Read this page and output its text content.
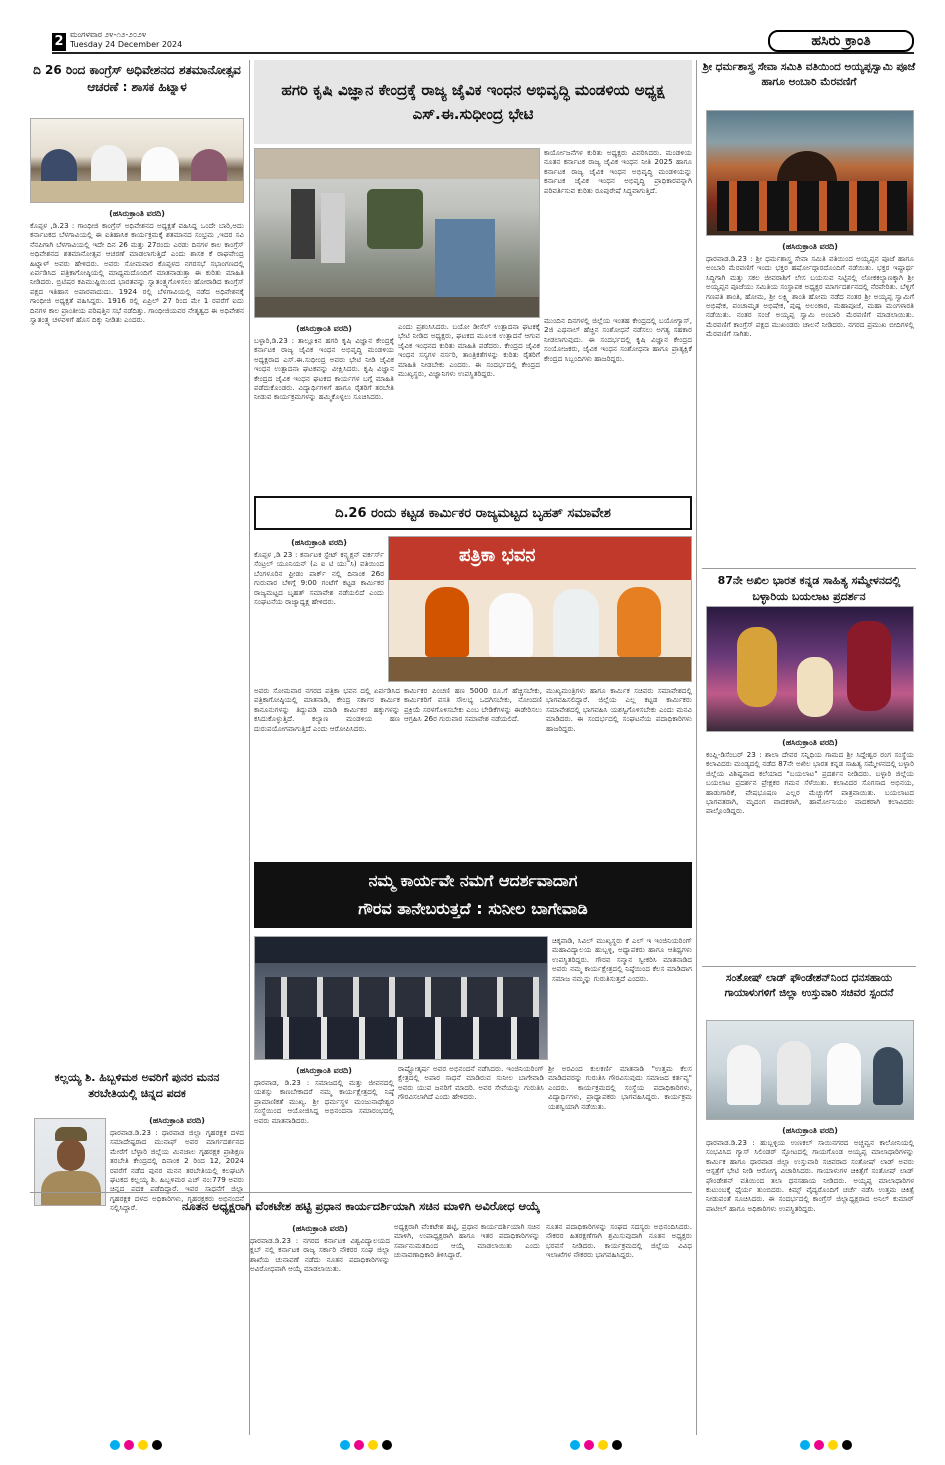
2 ಮಂಗಳವಾರ ೨೪-೧೨-೨೦೨೪
Tuesday 24 December 2024	ಹಸಿರು ಕ್ರಾಂತಿ
ದಿ 26 ರಿಂದ ಕಾಂಗ್ರೆಸ್ ಅಧಿವೇಶನದ ಶತಮಾನೋತ್ಸವ ಆಚರಣೆ : ಶಾಸಕ ಹಿಟ್ನಾಳ
(ಹಸಿರುಕ್ರಾಂತಿ ವರದಿ)
ಕೊಪ್ಪಳ ,ಡಿ.23 : ಗಾಂಧೀಜಿ ಕಾಂಗ್ರೆಸ್ ಅಧಿವೇಶನದ ಅಧ್ಯಕ್ಷತೆ ವಹಿಸಿದ್ದ ಒಂದೇ ಬಾರಿ,ಅದು ಕರ್ನಾಟಕದ ಬೆಳಗಾವಿಯಲ್ಲಿ ಈ ಐತಿಹಾಸಿಕ ಕಾರ್ಯಕ್ರಮಕ್ಕೆ ಶತಮಾನದ ಸಂಭ್ರಮ ,ಇದರ ಸವಿ ನೆನಪಿಗಾಗಿ ಬೆಳಗಾವಿಯಲ್ಲಿ ಇದೇ ದಿನ 26 ಮತ್ತು 27ರಂದು ಎರಡು ದಿನಗಳ ಕಾಲ ಕಾಂಗ್ರೆಸ್ ಅಧಿವೇಶನದ ಶತಮಾನೋತ್ಸವ ಆಚರಣೆ ಮಾಡಲಾಗುತ್ತಿದೆ ಎಂದು ಶಾಸಕ ಕೆ ರಾಘವೇಂದ್ರ ಹಿಟ್ನಾಳ್ ಅವರು ಹೇಳಿದರು. ಅವರು ಸೋಮವಾರ ಕೊಪ್ಪಳದ ನಗರಸಭೆ ಸಭಾಂಗಣದಲ್ಲಿ ಏರ್ಪಡಿಸಿದ ಪತ್ರಿಕಾಗೋಷ್ಠಿಯಲ್ಲಿ ಮಾಧ್ಯಮದೊಂದಿಗೆ ಮಾತನಾಡುತ್ತಾ ಈ ಕುರಿತು ಮಾಹಿತಿ ನೀಡಿದರು. ಬ್ರಿಟಿಷರ ಕಪಿಮುಷ್ಟಿಯಿಂದ ಭಾರತವನ್ನು ಸ್ವಾತಂತ್ರ್ಯಗೊಳಿಸಲು ಹೋರಾಡಿದ ಕಾಂಗ್ರೆಸ್ ಪಕ್ಷದ ಇತಿಹಾಸ ಅಪಾರವಾದುದು. 1924 ರಲ್ಲಿ ಬೆಳಗಾವಿಯಲ್ಲಿ ನಡೆದ ಅಧಿವೇಶನಕ್ಕೆ ಗಾಂಧೀಜಿ ಅಧ್ಯಕ್ಷತೆ ವಹಿಸಿದ್ದರು. 1916 ರಲ್ಲಿ ಏಪ್ರಿಲ್ 27 ರಿಂದ ಮೇ 1 ರವರೆಗೆ ಐದು ದಿನಗಳ ಕಾಲ ಪ್ರಾಂತೀಯ ಪರಿಷತ್ತಿನ ಸಭೆ ನಡೆದಿತ್ತು. ಗಾಂಧೀಜಿಯವರ ನೇತೃತ್ವದ ಈ ಅಧಿವೇಶನ ಸ್ವಾತಂತ್ರ್ಯ ಚಳವಳಿಗೆ ಹೊಸ ದಿಕ್ಕು ನೀಡಿತು ಎಂದರು.
ಕಲ್ಲಯ್ಯ ಶಿ. ಹಿಬ್ಬಳಿಮಠ ಅವರಿಗೆ ಪುನರ ಮನನ ತರಬೇತಿಯಲ್ಲಿ ಚಿನ್ನದ ಪದಕ
(ಹಸಿರುಕ್ರಾಂತಿ ವರದಿ)
ಧಾರವಾಡ.ಡಿ.23 : ಧಾರವಾಡ ಜಿಲ್ಲಾ ಗೃಹರಕ್ಷಕ ದಳದ ಸಮಾದೇಷ್ಟರಾದ ಮುನಾಫ್ ಅವರ ಮಾರ್ಗದರ್ಶನದ ಮೇರೆಗೆ ಬೆಳ್ಳಾರಿ ಜಿಲ್ಲೆಯ ಮಿನಜಾಲ ಗೃಹರಕ್ಷಕ ಪ್ರಾಶಿಕ್ಷಣ ತರಬೇತಿ ಕೇಂದ್ರದಲ್ಲಿ ದಿನಾಂಕ 2 ರಿಂದ 12, 2024 ರವರೆಗೆ ನಡೆದ ಪುನರ ಮನನ ತರಬೇತಿಯಲ್ಲಿ ಕಲಘಟಗಿ ಘಟಕದ ಕಲ್ಲಯ್ಯ ಶಿ. ಹಿಬ್ಬಳಿಮಠ ಎಚ್ ನಂ:779 ಅವರು ಚಿನ್ನದ ಪದಕ ಪಡೆದಿದ್ದಾರೆ. ಇವರ ಸಾಧನೆಗೆ ಜಿಲ್ಲಾ ಗೃಹರಕ್ಷಕ ದಳದ ಅಧಿಕಾರಿಗಳು, ಗೃಹರಕ್ಷಕರು ಅಭಿನಂದನೆ ಸಲ್ಲಿಸಿದ್ದಾರೆ.
ಹಗರಿ ಕೃಷಿ ವಿಜ್ಞಾನ ಕೇಂದ್ರಕ್ಕೆ ರಾಜ್ಯ ಜೈವಿಕ ಇಂಧನ ಅಭಿವೃದ್ಧಿ ಮಂಡಳಿಯ ಅಧ್ಯಕ್ಷ ಎಸ್.ಈ.ಸುಧೀಂದ್ರ ಭೇಟಿ
ಕಾರ್ಯೋಜನೆಗಳ ಕುರಿತು ಅಧ್ಯಕ್ಷರು ವಿವರಿಸಿದರು. ಮಂಡಳಿಯ ನೂತನ ಕರ್ನಾಟಕ ರಾಜ್ಯ ಜೈವಿಕ ಇಂಧನ ನೀತಿ 2025 ಹಾಗೂ ಕರ್ನಾಟಕ ರಾಜ್ಯ ಜೈವಿಕ ಇಂಧನ ಅಭಿವೃದ್ಧಿ ಮಂಡಳಿಯನ್ನು ಕರ್ನಾಟಕ ಜೈವಿಕ ಇಂಧನ ಅಭಿವೃದ್ಧಿ ಪ್ರಾಧಿಕಾರವನ್ನಾಗಿ ಪರಿವರ್ತಿಸುವ ಕುರಿತು ರೂಪುರೇಷೆ ಸಿದ್ಧವಾಗುತ್ತಿದೆ.
ಮುಂದಿನ ದಿನಗಳಲ್ಲಿ ಜಿಲ್ಲೆಯ ಇಂತಹ ಕೇಂದ್ರದಲ್ಲಿ ಬಯೋಗ್ಯಾಸ್, 2ಜಿ ಎಥನಾಲ್ ಹೆಚ್ಚಿನ ಸಂಶೋಧನೆ ನಡೆಸಲು ಅಗತ್ಯ ಸಹಕಾರ ನೀಡಲಾಗುವುದು. ಈ ಸಂದರ್ಭದಲ್ಲಿ ಕೃಷಿ ವಿಜ್ಞಾನ ಕೇಂದ್ರದ ಸಂಯೋಜಕರು, ಜೈವಿಕ ಇಂಧನ ಸಂಶೋಧನಾ ಹಾಗೂ ಪ್ರಾತ್ಯಕ್ಷಿಕೆ ಕೇಂದ್ರದ ಸಿಬ್ಬಂದಿಗಳು ಹಾಜರಿದ್ದರು.
(ಹಸಿರುಕ್ರಾಂತಿ ವರದಿ)
ಬಳ್ಳಾರಿ,ಡಿ.23 : ತಾಲ್ಲೂಕಿನ ಹಗರಿ ಕೃಷಿ ವಿಜ್ಞಾನ ಕೇಂದ್ರಕ್ಕೆ ಕರ್ನಾಟಕ ರಾಜ್ಯ ಜೈವಿಕ ಇಂಧನ ಅಭಿವೃದ್ಧಿ ಮಂಡಳಿಯ ಅಧ್ಯಕ್ಷರಾದ ಎಸ್.ಈ.ಸುಧೀಂದ್ರ ಅವರು ಭೇಟಿ ನೀಡಿ ಜೈವಿಕ ಇಂಧನ ಉತ್ಪಾದನಾ ಘಟಕವನ್ನು ವೀಕ್ಷಿಸಿದರು. ಕೃಷಿ ವಿಜ್ಞಾನ ಕೇಂದ್ರದ ಜೈವಿಕ ಇಂಧನ ಘಟಕದ ಕಾರ್ಯಗಳ ಬಗ್ಗೆ ಮಾಹಿತಿ ಪಡೆದುಕೊಂಡರು. ವಿದ್ಯಾರ್ಥಿಗಳಿಗೆ ಹಾಗೂ ರೈತರಿಗೆ ತರಬೇತಿ ನೀಡುವ ಕಾರ್ಯಕ್ರಮಗಳನ್ನು ಹಮ್ಮಿಕೊಳ್ಳಲು ಸೂಚಿಸಿದರು.
ಎಂದು ಪ್ರಶಂಸಿಸಿದರು. ಬಯೋ ಡೀಸೆಲ್ ಉತ್ಪಾದನಾ ಘಟಕಕ್ಕೆ ಭೇಟಿ ನೀಡಿದ ಅಧ್ಯಕ್ಷರು, ಘಟಕದ ಮೂಲಕ ಉತ್ಪಾದನೆ ಆಗುವ ಜೈವಿಕ ಇಂಧನದ ಕುರಿತು ಮಾಹಿತಿ ಪಡೆದರು. ಕೇಂದ್ರದ ಜೈವಿಕ ಇಂಧನ ಸಸ್ಯಗಳ ನರ್ಸರಿ, ತಾಂತ್ರಿಕತೆಗಳನ್ನು ಕುರಿತು ರೈತರಿಗೆ ಮಾಹಿತಿ ನೀಡಬೇಕು ಎಂದರು. ಈ ಸಂದರ್ಭದಲ್ಲಿ ಕೇಂದ್ರದ ಮುಖ್ಯಸ್ಥರು, ವಿಜ್ಞಾನಿಗಳು ಉಪಸ್ಥಿತರಿದ್ದರು.
ದಿ.26 ರಂದು ಕಟ್ಟಡ ಕಾರ್ಮಿಕರ ರಾಜ್ಯಮಟ್ಟದ ಬೃಹತ್ ಸಮಾವೇಶ
(ಹಸಿರುಕ್ರಾಂತಿ ವರದಿ)
ಕೊಪ್ಪಳ ,ಡಿ 23 : ಕರ್ನಾಟಕ ಸ್ಟೇಟ್ ಕನ್ಸ್ಟ್ರಕ್ಷನ್ ವರ್ಕರ್ಸ್ ಸೆಂಟ್ರಲ್ ಯೂನಿಯನ್ (ಎ ಐ ಟಿ ಯು ಸಿ) ವತಿಯಿಂದ ಬೆಂಗಳೂರಿನ ಫ್ರೀಡಂ ಪಾರ್ಕ್ ನಲ್ಲಿ ದಿನಾಂಕ 26ರ ಗುರುವಾರ ಬೆಳಿಗ್ಗೆ 9:00 ಗಂಟೆಗೆ ಕಟ್ಟಡ ಕಾರ್ಮಿಕರ ರಾಜ್ಯಮಟ್ಟದ ಬೃಹತ್ ಸಮಾವೇಶ ನಡೆಯಲಿದೆ ಎಂದು ಸಂಘಟನೆಯ ರಾಜ್ಯಾಧ್ಯಕ್ಷ ಹೇಳಿದರು.
ಪತ್ರಿಕಾ ಭವನ
ಅವರು ಸೋಮವಾರ ನಗರದ ಪತ್ರಿಕಾ ಭವನ ದಲ್ಲಿ ಏರ್ಪಡಿಸಿದ ಪತ್ರಿಕಾಗೋಷ್ಠಿಯಲ್ಲಿ ಮಾತನಾಡಿ, ಕೇಂದ್ರ ಸರ್ಕಾರ ಕಾರ್ಮಿಕ ಕಾನೂನುಗಳನ್ನು ತಿದ್ದುಪಡಿ ಮಾಡಿ ಕಾರ್ಮಿಕರ ಹಕ್ಕುಗಳನ್ನು ಕಸಿದುಕೊಳ್ಳುತ್ತಿದೆ. ಕಲ್ಯಾಣ ಮಂಡಳಿಯ ಹಣ ದುರುಪಯೋಗವಾಗುತ್ತಿದೆ ಎಂದು ಆರೋಪಿಸಿದರು.
ಕಾರ್ಮಿಕರ ಪಿಂಚಣಿ ಹಣ 5000 ರೂ.ಗೆ ಹೆಚ್ಚಿಸಬೇಕು, ಕಾರ್ಮಿಕರಿಗೆ ವಸತಿ ಸೌಲಭ್ಯ ಒದಗಿಸಬೇಕು, ನೋಂದಣಿ ಪ್ರಕ್ರಿಯೆ ಸರಳಗೊಳಿಸಬೇಕು ಎಂಬ ಬೇಡಿಕೆಗಳನ್ನು ಈಡೇರಿಸಲು ಆಗ್ರಹಿಸಿ 26ರ ಗುರುವಾರ ಸಮಾವೇಶ ನಡೆಯಲಿದೆ.
ಮುಖ್ಯಮಂತ್ರಿಗಳು ಹಾಗೂ ಕಾರ್ಮಿಕ ಸಚಿವರು ಸಮಾವೇಶದಲ್ಲಿ ಭಾಗವಹಿಸಲಿದ್ದಾರೆ. ಜಿಲ್ಲೆಯ ಎಲ್ಲ ಕಟ್ಟಡ ಕಾರ್ಮಿಕರು ಸಮಾವೇಶದಲ್ಲಿ ಭಾಗವಹಿಸಿ ಯಶಸ್ವಿಗೊಳಿಸಬೇಕು ಎಂದು ಮನವಿ ಮಾಡಿದರು. ಈ ಸಂದರ್ಭದಲ್ಲಿ ಸಂಘಟನೆಯ ಪದಾಧಿಕಾರಿಗಳು ಹಾಜರಿದ್ದರು.
ನಮ್ಮ ಕಾರ್ಯವೇ ನಮಗೆ ಆದರ್ಶವಾದಾಗ
ಗೌರವ ತಾನೇಬರುತ್ತದೆ : ಸುನೀಲ ಬಾಗೇವಾಡಿ
ಚಿಕ್ಕವಾಡಿ, ಸಿವಿಲ್ ಮುಖ್ಯಸ್ಥರು ಕೆ ಎಲ್ ಇ ಇಂಜಿನಿಯರಿಂಗ್ ಮಹಾವಿದ್ಯಾಲಯ ಹುಬ್ಬಳ್ಳಿ, ಅಧ್ಯಾಪಕರು ಹಾಗೂ ಆತಿಥ್ಯಗಳು ಉಪಸ್ಥಿತರಿದ್ದರು. ಗೌರವ ಸನ್ಮಾನ ಸ್ವೀಕರಿಸಿ ಮಾತನಾಡಿದ ಅವರು ನಮ್ಮ ಕಾರ್ಯಕ್ಷೇತ್ರದಲ್ಲಿ ನಿಷ್ಠೆಯಿಂದ ಕೆಲಸ ಮಾಡಿದಾಗ ಸಮಾಜ ನಮ್ಮನ್ನು ಗುರುತಿಸುತ್ತದೆ ಎಂದರು.
(ಹಸಿರುಕ್ರಾಂತಿ ವರದಿ)
ಧಾರವಾಡ, ಡಿ.23 : ಸಮಾಜದಲ್ಲಿ ಮತ್ತು ಜೀವನದಲ್ಲಿ ಯಶಸ್ಸು ಕಾಣಬೇಕಾದರೆ ನಮ್ಮ ಕಾರ್ಯಕ್ಷೇತ್ರದಲ್ಲಿ ನಿಷ್ಠೆ ಪ್ರಾಮಾಣಿಕತೆ ಮುಖ್ಯ. ಶ್ರೀ ಧರ್ಮಸ್ಥಳ ಮಂಜುನಾಥೇಶ್ವರ ಸಂಸ್ಥೆಯಿಂದ ಆಯೋಜಿಸಿದ್ದ ಅಭಿನಂದನಾ ಸಮಾರಂಭದಲ್ಲಿ ಅವರು ಮಾತನಾಡಿದರು.
ರಾಷ್ಟ್ರೋತ್ಕರ್ಷ ಅವರ ಅಭಿನಂದನೆ ನಡೆಸಿದರು. ಇಂಜಿನಿಯರಿಂಗ್ ಕ್ಷೇತ್ರದಲ್ಲಿ ಅಪಾರ ಸಾಧನೆ ಮಾಡಿರುವ ಸುನೀಲ ಬಾಗೇವಾಡಿ ಅವರು ಯುವ ಜನರಿಗೆ ಮಾದರಿ. ಅವರ ಸೇವೆಯನ್ನು ಗುರುತಿಸಿ ಗೌರವಿಸಲಾಗಿದೆ ಎಂದು ಹೇಳಿದರು.
ಶ್ರೀ ಅರವಿಂದ ಕುಲಕರ್ಣಿ ಮಾತನಾಡಿ "ಉತ್ತಮ ಕೆಲಸ ಮಾಡಿದವರನ್ನು ಗುರುತಿಸಿ ಗೌರವಿಸುವುದು ಸಮಾಜದ ಕರ್ತವ್ಯ" ಎಂದರು. ಕಾರ್ಯಕ್ರಮದಲ್ಲಿ ಸಂಸ್ಥೆಯ ಪದಾಧಿಕಾರಿಗಳು, ವಿದ್ಯಾರ್ಥಿಗಳು, ಪ್ರಾಧ್ಯಾಪಕರು ಭಾಗವಹಿಸಿದ್ದರು. ಕಾರ್ಯಕ್ರಮ ಯಶಸ್ವಿಯಾಗಿ ನಡೆಯಿತು.
ನೂತನ ಅಧ್ಯಕ್ಷರಾಗಿ ವೆಂಕಟೇಶ ಹಟ್ಟಿ ಪ್ರಧಾನ ಕಾರ್ಯದರ್ಶಿಯಾಗಿ ಸಚಿನ ಮಾಳಿಗಿ ಅವಿರೋಧ ಆಯ್ಕೆ
(ಹಸಿರುಕ್ರಾಂತಿ ವರದಿ)
ಧಾರವಾಡ.ಡಿ.23 : ನಗರದ ಕರ್ನಾಟಕ ವಿಶ್ವವಿದ್ಯಾಲಯದ ಕ್ಲಬ್ ನಲ್ಲಿ ಕರ್ನಾಟಕ ರಾಜ್ಯ ಸರ್ಕಾರಿ ನೌಕರರ ಸಂಘ ಜಿಲ್ಲಾ ಶಾಖೆಯ ಚುನಾವಣೆ ನಡೆದು ನೂತನ ಪದಾಧಿಕಾರಿಗಳನ್ನು ಅವಿರೋಧವಾಗಿ ಆಯ್ಕೆ ಮಾಡಲಾಯಿತು.
ಅಧ್ಯಕ್ಷರಾಗಿ ವೆಂಕಟೇಶ ಹಟ್ಟಿ, ಪ್ರಧಾನ ಕಾರ್ಯದರ್ಶಿಯಾಗಿ ಸಚಿನ ಮಾಳಿಗಿ, ಉಪಾಧ್ಯಕ್ಷರಾಗಿ ಹಾಗೂ ಇತರ ಪದಾಧಿಕಾರಿಗಳನ್ನು ಸರ್ವಾನುಮತದಿಂದ ಆಯ್ಕೆ ಮಾಡಲಾಯಿತು ಎಂದು ಚುನಾವಣಾಧಿಕಾರಿ ತಿಳಿಸಿದ್ದಾರೆ.
ನೂತನ ಪದಾಧಿಕಾರಿಗಳನ್ನು ಸಂಘದ ಸದಸ್ಯರು ಅಭಿನಂದಿಸಿದರು. ನೌಕರರ ಹಿತರಕ್ಷಣೆಗಾಗಿ ಶ್ರಮಿಸುವುದಾಗಿ ನೂತನ ಅಧ್ಯಕ್ಷರು ಭರವಸೆ ನೀಡಿದರು. ಕಾರ್ಯಕ್ರಮದಲ್ಲಿ ಜಿಲ್ಲೆಯ ವಿವಿಧ ಇಲಾಖೆಗಳ ನೌಕರರು ಭಾಗವಹಿಸಿದ್ದರು.
ಶ್ರೀ ಧರ್ಮಶಾಸ್ತ್ರ ಸೇವಾ ಸಮಿತಿ ವತಿಯಿಂದ ಅಯ್ಯಪ್ಪಸ್ವಾಮಿ ಪೂಜೆ ಹಾಗೂ ಅಂಬಾರಿ ಮೆರವಣಿಗೆ
(ಹಸಿರುಕ್ರಾಂತಿ ವರದಿ)
ಧಾರವಾಡ.ಡಿ.23 : ಶ್ರೀ ಧರ್ಮಶಾಸ್ತ್ರ ಸೇವಾ ಸಮಿತಿ ವತಿಯಿಂದ ಅಯ್ಯಪ್ಪನ ಪೂಜೆ ಹಾಗೂ ಅಂಬಾರಿ ಮೆರವಣಿಗೆ ಇಂದು ಭಕ್ತರ ಹರ್ಷೋದ್ಗಾರದೊಂದಿಗೆ ನಡೆಯಿತು. ಭಕ್ತರ ಇಷ್ಟಾರ್ಥ ಸಿದ್ಧಿಗಾಗಿ ಮತ್ತು ಸಕಲ ಜೀವರಾಶಿಗೆ ಲೇಸ ಬಯಸುವ ನಿಟ್ಟಿನಲ್ಲಿ ಲೋಕಕಲ್ಯಾಣಕ್ಕಾಗಿ ಶ್ರೀ ಅಯ್ಯಪ್ಪನ ಪೂಜೆಯು ಸಮಿತಿಯ ಸಂಸ್ಥಾಪಕ ಅಧ್ಯಕ್ಷರ ಮಾರ್ಗದರ್ಶನದಲ್ಲಿ ನೆರವೇರಿತು. ಬೆಳ್ಳಿಗೆ ಗಣಪತಿ ಶಾಂತಿ, ಹೋಮ, ಶ್ರೀ ಲಕ್ಷ್ಮಿ ಶಾಂತಿ ಹೋಮ ನಡೆದ ನಂತರ ಶ್ರೀ ಅಯ್ಯಪ್ಪ ಸ್ವಾಮಿಗೆ ಅಭಿಷೇಕ, ಪಂಚಾಮೃತ ಅಭಿಷೇಕ, ಪುಷ್ಪ ಅಲಂಕಾರ, ಮಹಾಪೂಜೆ, ಮಹಾ ಮಂಗಳಾರತಿ ನಡೆಯಿತು. ನಂತರ ಸಂಜೆ ಅಯ್ಯಪ್ಪ ಸ್ವಾಮಿ ಅಂಬಾರಿ ಮೆರವಣಿಗೆ ಮಾಡಲಾಯಿತು. ಮೆರವಣಿಗೆ ಕಾಂಗ್ರೆಸ್ ಪಕ್ಷದ ಮುಖಂಡರು ಚಾಲನೆ ನೀಡಿದರು. ನಗರದ ಪ್ರಮುಖ ಬೀದಿಗಳಲ್ಲಿ ಮೆರವಣಿಗೆ ಸಾಗಿತು.
87ನೇ ಅಖಿಲ ಭಾರತ ಕನ್ನಡ ಸಾಹಿತ್ಯ ಸಮ್ಮೇಳನದಲ್ಲಿ ಬಳ್ಳಾರಿಯ ಬಯಲಾಟ ಪ್ರದರ್ಶನ
(ಹಸಿರುಕ್ರಾಂತಿ ವರದಿ)
ಕಂಪ್ಲಿ-ಡಿಸೆಂಬರ್ 23 : ಶಾಲಾ ದೇವರ ಸನ್ನಿಧಿಯ ಗಾಮದ ಶ್ರೀ ಸಿದ್ದೇಶ್ವರ ರಂಗ ಸಂಸ್ಥೆಯ ಕಲಾವಿದರು ಮಂಡ್ಯದಲ್ಲಿ ನಡೆದ 87ನೇ ಅಖಿಲ ಭಾರತ ಕನ್ನಡ ಸಾಹಿತ್ಯ ಸಮ್ಮೇಳನದಲ್ಲಿ ಬಳ್ಳಾರಿ ಜಿಲ್ಲೆಯ ವಿಶಿಷ್ಟವಾದ ಕಲೆಯಾದ "ಬಯಲಾಟ" ಪ್ರದರ್ಶನ ನೀಡಿದರು. ಬಳ್ಳಾರಿ ಜಿಲ್ಲೆಯ ಬಯಲಾಟ ಪ್ರದರ್ಶನ ಪ್ರೇಕ್ಷಕರ ಗಮನ ಸೆಳೆಯಿತು. ಕಲಾವಿದರ ಸೊಗಸಾದ ಅಭಿನಯ, ಹಾಡುಗಾರಿಕೆ, ವೇಷಭೂಷಣ ಎಲ್ಲರ ಮೆಚ್ಚುಗೆಗೆ ಪಾತ್ರವಾಯಿತು. ಬಯಲಾಟದ ಭಾಗವತರಾಗಿ, ಮೃದಂಗ ವಾದಕರಾಗಿ, ಹಾರ್ಮೋನಿಯಂ ವಾದಕರಾಗಿ ಕಲಾವಿದರು ಪಾಲ್ಗೊಂಡಿದ್ದರು.
ಸಂತೋಷ್ ಲಾಡ್ ಫೌಂಡೇಶನ್‌ನಿಂದ ಧನಸಹಾಯ ಗಾಯಾಳುಗಳಿಗೆ ಜಿಲ್ಲಾ ಉಸ್ತುವಾರಿ ಸಚಿವರ ಸ್ಪಂದನೆ
(ಹಸಿರುಕ್ರಾಂತಿ ವರದಿ)
ಧಾರವಾಡ.ಡಿ.23 : ಹುಬ್ಬಳ್ಳಿಯ ಉಣಕಲ್ ಸಾಯಿನಗರದ ಅಚ್ಚವ್ವನ ಕಾಲೋನಿಯಲ್ಲಿ ಸಂಭವಿಸಿದ ಗ್ಯಾಸ್ ಸಿಲಿಂಡರ್ ಸ್ಫೋಟದಲ್ಲಿ ಗಾಯಗೊಂಡ ಅಯ್ಯಪ್ಪ ಮಾಲಾಧಾರಿಗಳನ್ನು ಕಾರ್ಮಿಕ ಹಾಗೂ ಧಾರವಾಡ ಜಿಲ್ಲಾ ಉಸ್ತುವಾರಿ ಸಚಿವರಾದ ಸಂತೋಷ್ ಲಾಡ್ ಅವರು ಆಸ್ಪತ್ರೆಗೆ ಭೇಟಿ ನೀಡಿ ಆರೋಗ್ಯ ವಿಚಾರಿಸಿದರು. ಗಾಯಾಳುಗಳ ಚಿಕಿತ್ಸೆಗೆ ಸಂತೋಷ್ ಲಾಡ್ ಫೌಂಡೇಶನ್ ವತಿಯಿಂದ ತಲಾ ಧನಸಹಾಯ ನೀಡಿದರು. ಅಯ್ಯಪ್ಪ ಮಾಲಾಧಾರಿಗಳ ಕುಟುಂಬಕ್ಕೆ ಧೈರ್ಯ ತುಂಬಿದರು. ಕಿಮ್ಸ್ ವೈದ್ಯರೊಂದಿಗೆ ಚರ್ಚೆ ನಡೆಸಿ ಉತ್ತಮ ಚಿಕಿತ್ಸೆ ನೀಡುವಂತೆ ಸೂಚಿಸಿದರು. ಈ ಸಂದರ್ಭದಲ್ಲಿ ಕಾಂಗ್ರೆಸ್ ಜಿಲ್ಲಾಧ್ಯಕ್ಷರಾದ ಅನಿಲ್ ಕುಮಾರ್ ಪಾಟೀಲ್ ಹಾಗೂ ಅಧಿಕಾರಿಗಳು ಉಪಸ್ಥಿತರಿದ್ದರು.
